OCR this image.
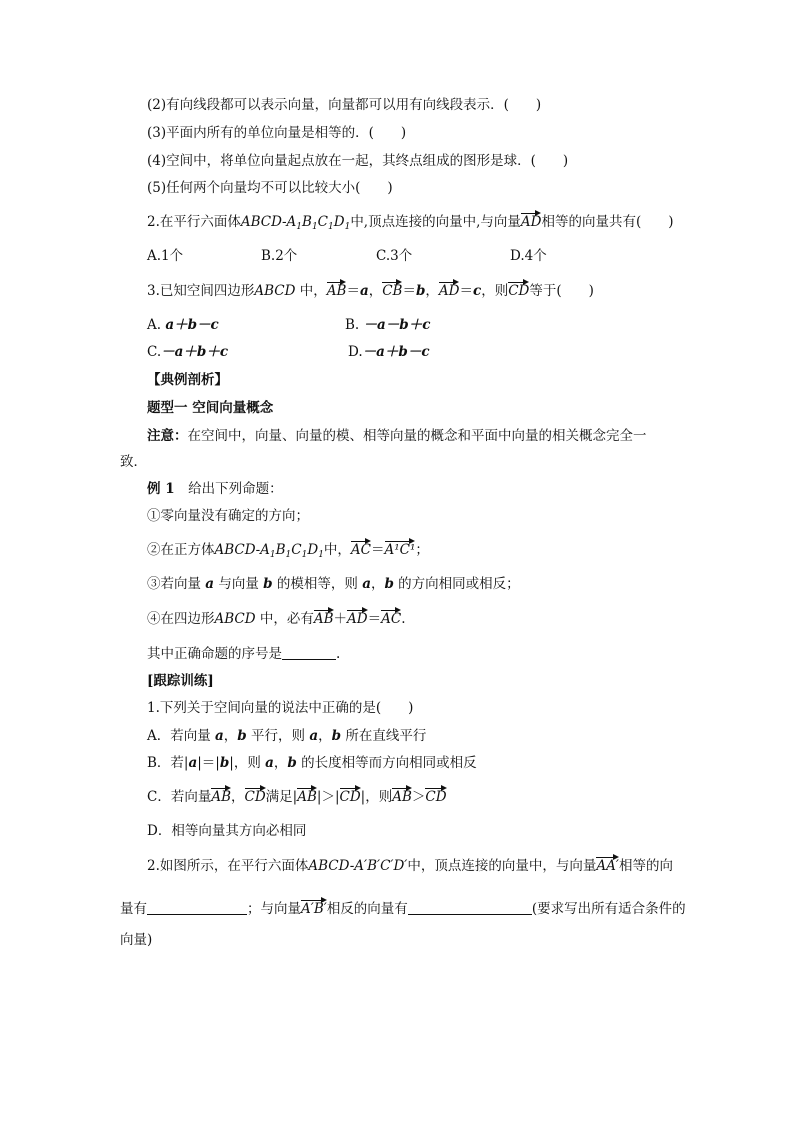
(2)有向线段都可以表示向量，向量都可以用有向线段表示．(　　)
(3)平面内所有的单位向量是相等的．(　　)
(4)空间中，将单位向量起点放在一起，其终点组成的图形是球．(　　)
(5)任何两个向量均不可以比较大小(　　)
2.在平行六面体ABCD-$A_1B_1C_1D_1$中,顶点连接的向量中,与向量AD相等的向量共有(　　)
A.1个	B.2个	C.3个	D.4个
3.已知空间四边形ABCD 中，AB＝a，CB＝b，AD＝c，则CD等于(　　)
A. a＋b－c	B. －a－b＋c
C.－a＋b＋c	D.－a＋b－c
【典例剖析】
题型一 空间向量概念
注意：在空间中，向量、向量的模、相等向量的概念和平面中向量的相关概念完全一
致．
例 1　给出下列命题：
①零向量没有确定的方向；
②在正方体ABCD-$A_1B_1C_1D_1$中，AC＝A¹C¹；
③若向量 a 与向量 b 的模相等，则 a，b 的方向相同或相反；
④在四边形ABCD 中，必有AB＋AD＝AC.
其中正确命题的序号是	.
[跟踪训练]
1.下列关于空间向量的说法中正确的是(　　)
A．若向量 a，b 平行，则 a，b 所在直线平行
B．若|a|＝|b|，则 a，b 的长度相等而方向相同或相反
C．若向量AB，CD满足|AB|＞|CD|，则AB＞CD
D．相等向量其方向必相同
2.如图所示，在平行六面体ABCD-A′B′C′D′中，顶点连接的向量中，与向量AA′相等的向
量有	；与向量A′B′相反的向量有	(要求写出所有适合条件的
向量)
